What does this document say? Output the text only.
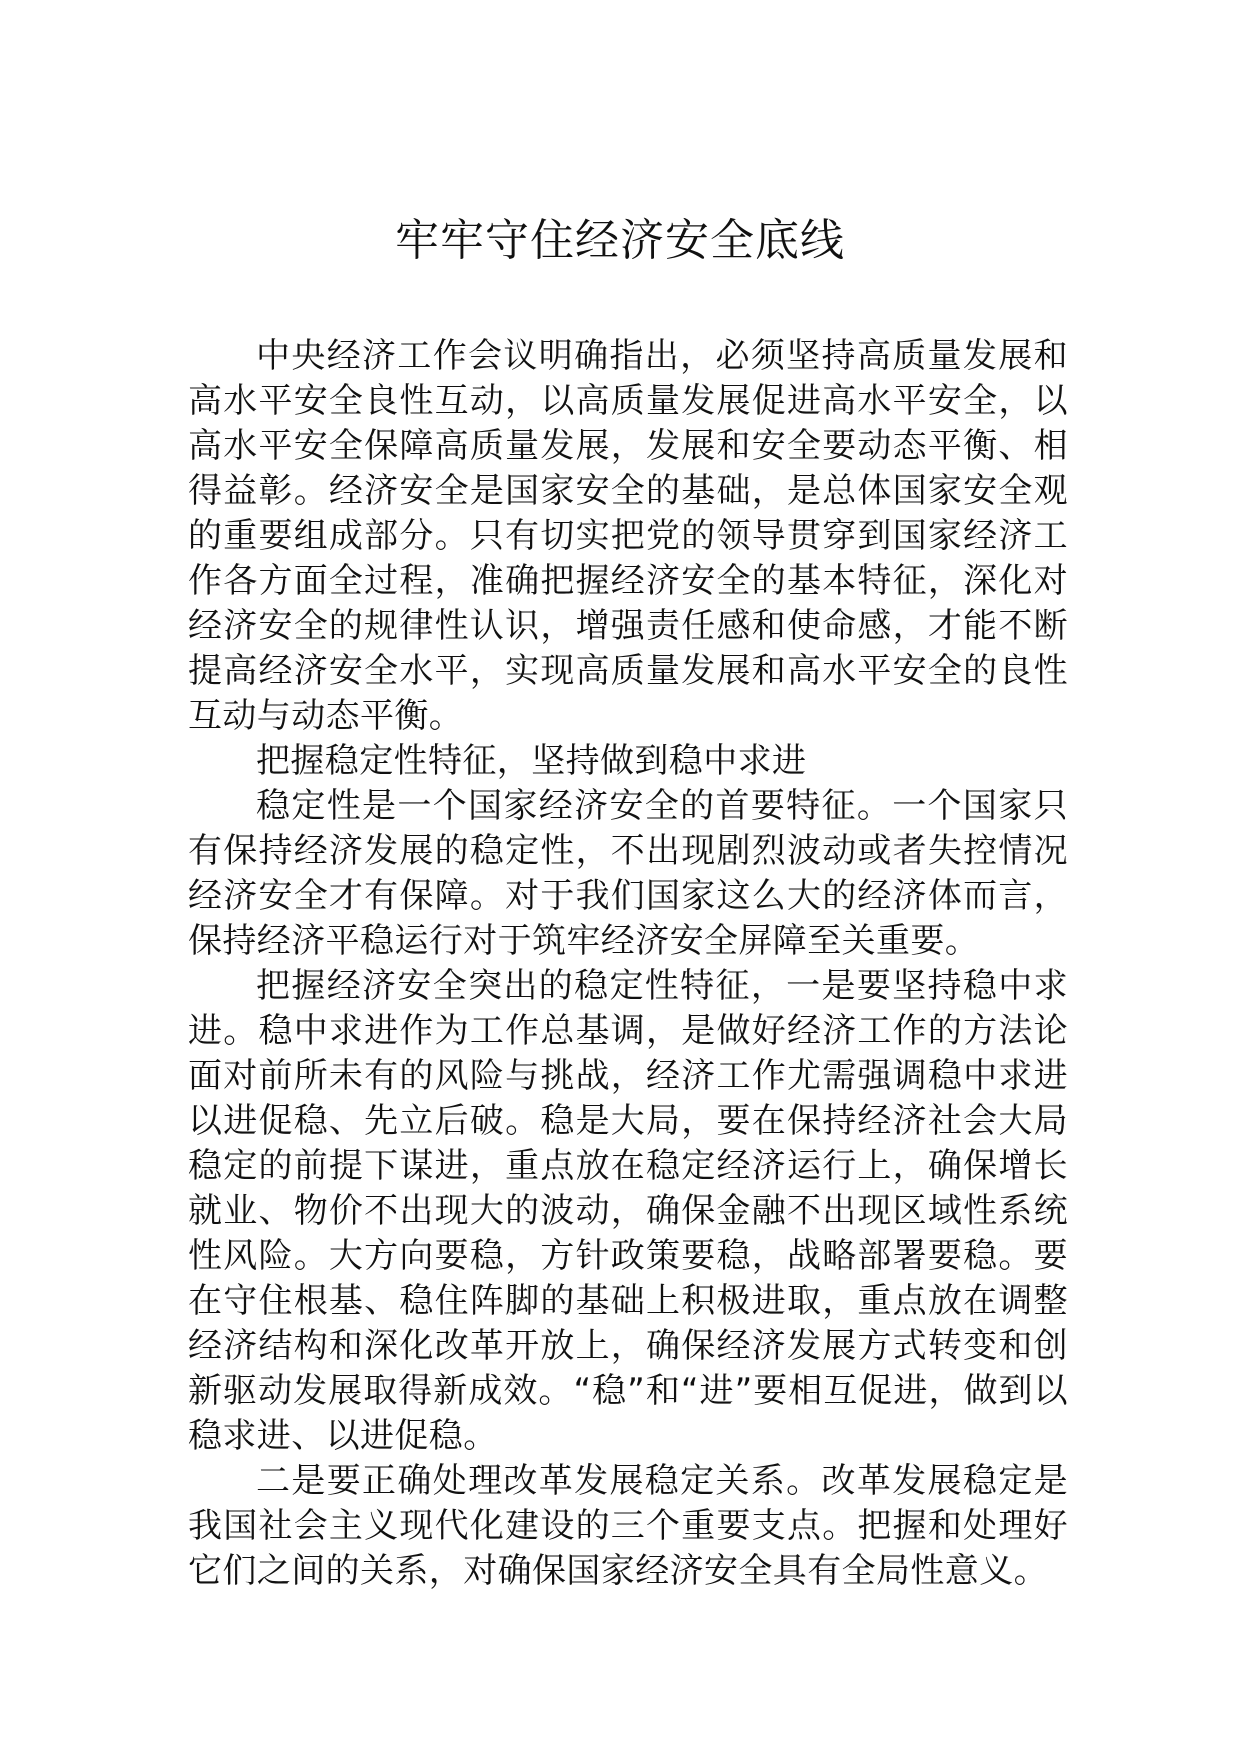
牢牢守住经济安全底线

中央经济工作会议明确指出，必须坚持高质量发展和高水平安全良性互动，以高质量发展促进高水平安全，以高水平安全保障高质量发展，发展和安全要动态平衡、相得益彰。经济安全是国家安全的基础，是总体国家安全观的重要组成部分。只有切实把党的领导贯穿到国家经济工作各方面全过程，准确把握经济安全的基本特征，深化对经济安全的规律性认识，增强责任感和使命感，才能不断提高经济安全水平，实现高质量发展和高水平安全的良性互动与动态平衡。

把握稳定性特征，坚持做到稳中求进

稳定性是一个国家经济安全的首要特征。一个国家只有保持经济发展的稳定性，不出现剧烈波动或者失控情况经济安全才有保障。对于我们国家这么大的经济体而言，保持经济平稳运行对于筑牢经济安全屏障至关重要。

把握经济安全突出的稳定性特征，一是要坚持稳中求进。稳中求进作为工作总基调，是做好经济工作的方法论面对前所未有的风险与挑战，经济工作尤需强调稳中求进以进促稳、先立后破。稳是大局，要在保持经济社会大局稳定的前提下谋进，重点放在稳定经济运行上，确保增长就业、物价不出现大的波动，确保金融不出现区域性系统性风险。大方向要稳，方针政策要稳，战略部署要稳。要在守住根基、稳住阵脚的基础上积极进取，重点放在调整经济结构和深化改革开放上，确保经济发展方式转变和创新驱动发展取得新成效。“稳”和“进”要相互促进，做到以稳求进、以进促稳。

二是要正确处理改革发展稳定关系。改革发展稳定是我国社会主义现代化建设的三个重要支点。把握和处理好它们之间的关系，对确保国家经济安全具有全局性意义。
